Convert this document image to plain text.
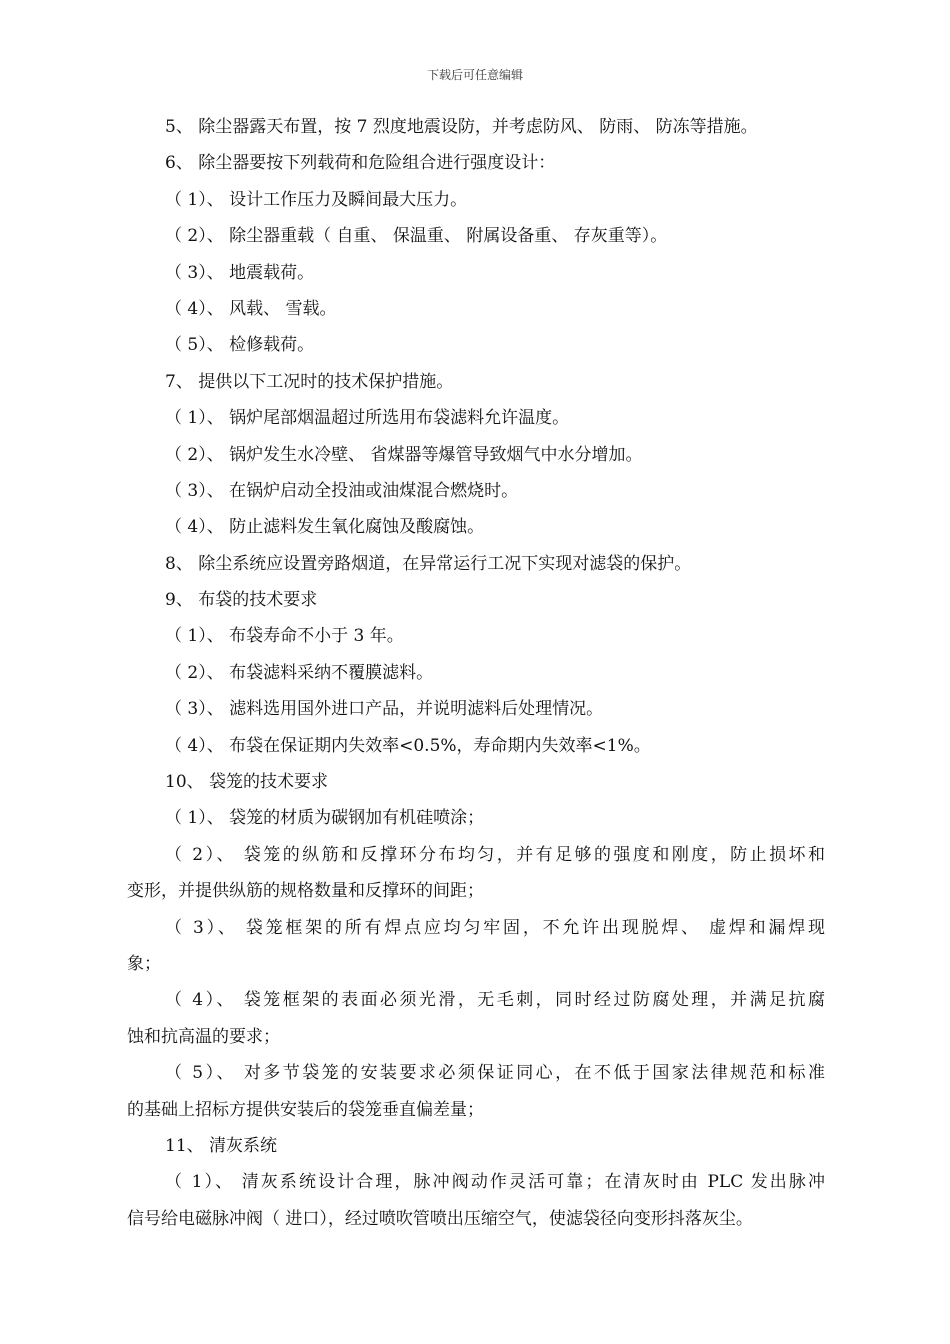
下载后可任意编辑
5、 除尘器露天布置，按 7 烈度地震设防，并考虑防风、 防雨、 防冻等措施。
6、 除尘器要按下列载荷和危险组合进行强度设计：
（ 1）、 设计工作压力及瞬间最大压力。
（ 2）、 除尘器重载（ 自重、 保温重、 附属设备重、 存灰重等）。
（ 3）、 地震载荷。
（ 4）、 风载、 雪载。
（ 5）、 检修载荷。
7、 提供以下工况时的技术保护措施。
（ 1）、 锅炉尾部烟温超过所选用布袋滤料允许温度。
（ 2）、 锅炉发生水冷壁、 省煤器等爆管导致烟气中水分增加。
（ 3）、 在锅炉启动全投油或油煤混合燃烧时。
（ 4）、 防止滤料发生氧化腐蚀及酸腐蚀。
8、 除尘系统应设置旁路烟道，在异常运行工况下实现对滤袋的保护。
9、 布袋的技术要求
（ 1）、 布袋寿命不小于 3 年。
（ 2）、 布袋滤料采纳不覆膜滤料。
（ 3）、 滤料选用国外进口产品，并说明滤料后处理情况。
（ 4）、 布袋在保证期内失效率<0.5%，寿命期内失效率<1%。
10、 袋笼的技术要求
（ 1）、 袋笼的材质为碳钢加有机硅喷涂；
（ 2）、 袋笼的纵筋和反撑环分布均匀，并有足够的强度和刚度，防止损坏和
变形，并提供纵筋的规格数量和反撑环的间距；
（ 3）、 袋笼框架的所有焊点应均匀牢固，不允许出现脱焊、 虚焊和漏焊现
象；
（ 4）、 袋笼框架的表面必须光滑，无毛刺，同时经过防腐处理，并满足抗腐
蚀和抗高温的要求；
（ 5）、 对多节袋笼的安装要求必须保证同心，在不低于国家法律规范和标准
的基础上招标方提供安装后的袋笼垂直偏差量；
11、 清灰系统
（ 1）、 清灰系统设计合理，脉冲阀动作灵活可靠；在清灰时由 PLC 发出脉冲
信号给电磁脉冲阀（ 进口），经过喷吹管喷出压缩空气，使滤袋径向变形抖落灰尘。
